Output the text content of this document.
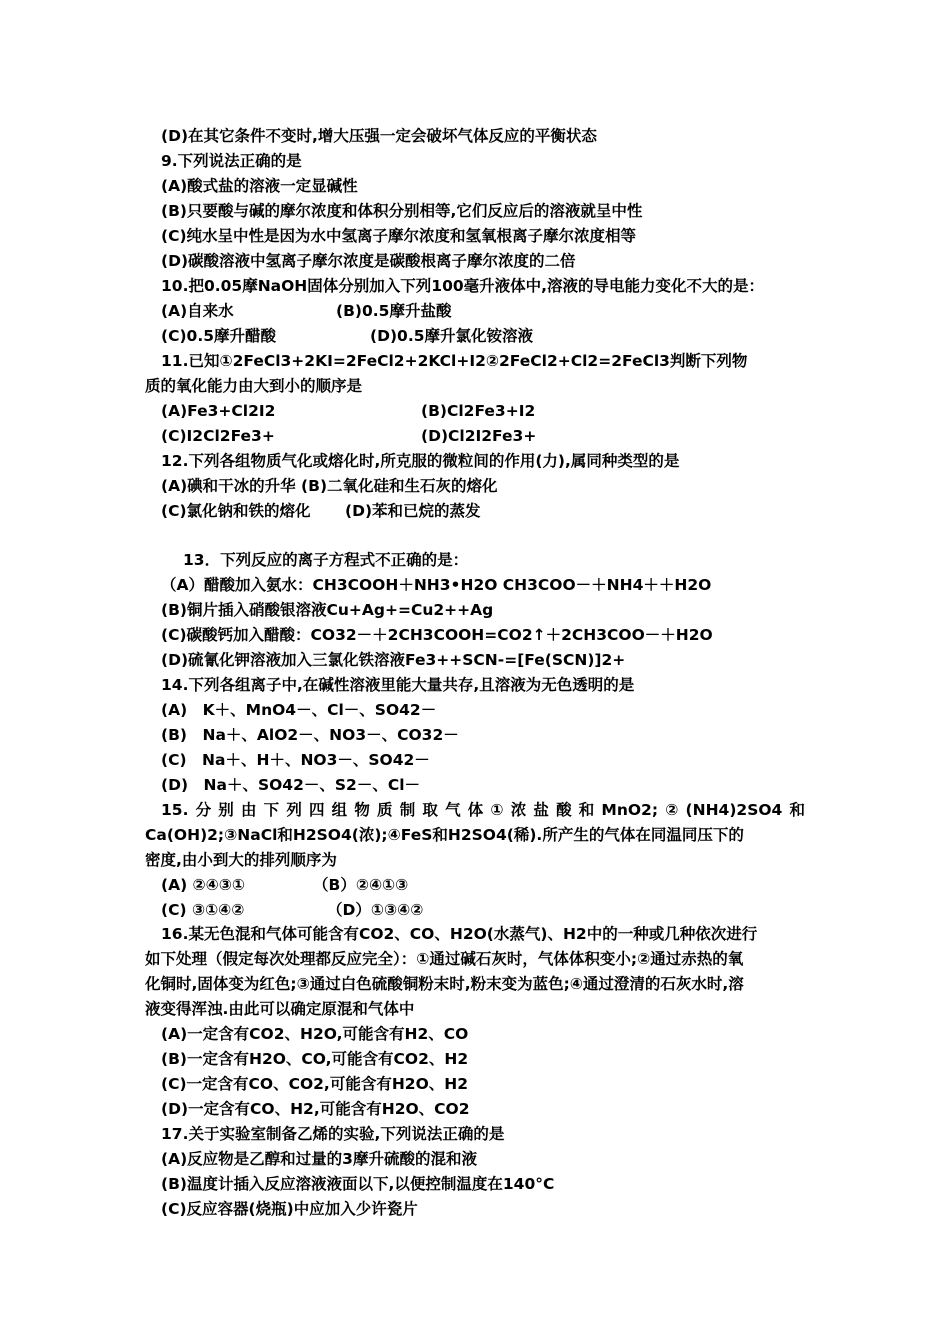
(D)在其它条件不变时,增大压强一定会破坏气体反应的平衡状态
9.下列说法正确的是
(A)酸式盐的溶液一定显碱性
(B)只要酸与碱的摩尔浓度和体积分别相等,它们反应后的溶液就呈中性
(C)纯水呈中性是因为水中氢离子摩尔浓度和氢氧根离子摩尔浓度相等
(D)碳酸溶液中氢离子摩尔浓度是碳酸根离子摩尔浓度的二倍
10.把0.05摩NaOH固体分别加入下列100毫升液体中,溶液的导电能力变化不大的是：
(A)自来水	(B)0.5摩升盐酸
(C)0.5摩升醋酸	(D)0.5摩升氯化铵溶液
11.已知①2FeCl3+2KI=2FeCl2+2KCl+I2②2FeCl2+Cl2=2FeCl3判断下列物
质的氧化能力由大到小的顺序是
(A)Fe3+Cl2I2	(B)Cl2Fe3+I2
(C)I2Cl2Fe3+	(D)Cl2I2Fe3+
12.下列各组物质气化或熔化时,所克服的微粒间的作用(力),属同种类型的是
(A)碘和干冰的升华 (B)二氧化硅和生石灰的熔化
(C)氯化钠和铁的熔化 (D)苯和已烷的蒸发
13．下列反应的离子方程式不正确的是：
（A）醋酸加入氨水：CH3COOH＋NH3•H2O CH3COO－＋NH4＋＋H2O
(B)铜片插入硝酸银溶液Cu+Ag+=Cu2++Ag
(C)碳酸钙加入醋酸：CO32－＋2CH3COOH=CO2↑＋2CH3COO－＋H2O
(D)硫氰化钾溶液加入三氯化铁溶液Fe3++SCN-=[Fe(SCN)]2+
14.下列各组离子中,在碱性溶液里能大量共存,且溶液为无色透明的是
(A)　K＋、MnO4－、Cl－、SO42－
(B)　Na＋、AlO2－、NO3－、CO32－
(C)　Na＋、H＋、NO3－、SO42－
(D)　Na＋、SO42－、S2－、Cl－
15.分别由下列四组物质制取气体①浓盐酸和MnO2;②(NH4)2SO4和
Ca(OH)2;③NaCl和H2SO4(浓);④FeS和H2SO4(稀).所产生的气体在同温同压下的
密度,由小到大的排列顺序为
(A) ②④③①	（B）②④①③
(C) ③①④②	（D）①③④②
16.某无色混和气体可能含有CO2、CO、H2O(水蒸气)、H2中的一种或几种依次进行
如下处理（假定每次处理都反应完全）：①通过碱石灰时，气体体积变小;②通过赤热的氧
化铜时,固体变为红色;③通过白色硫酸铜粉末时,粉末变为蓝色;④通过澄清的石灰水时,溶
液变得浑浊.由此可以确定原混和气体中
(A)一定含有CO2、H2O,可能含有H2、CO
(B)一定含有H2O、CO,可能含有CO2、H2
(C)一定含有CO、CO2,可能含有H2O、H2
(D)一定含有CO、H2,可能含有H2O、CO2
17.关于实验室制备乙烯的实验,下列说法正确的是
(A)反应物是乙醇和过量的3摩升硫酸的混和液
(B)温度计插入反应溶液液面以下,以便控制温度在140°C
(C)反应容器(烧瓶)中应加入少许瓷片
